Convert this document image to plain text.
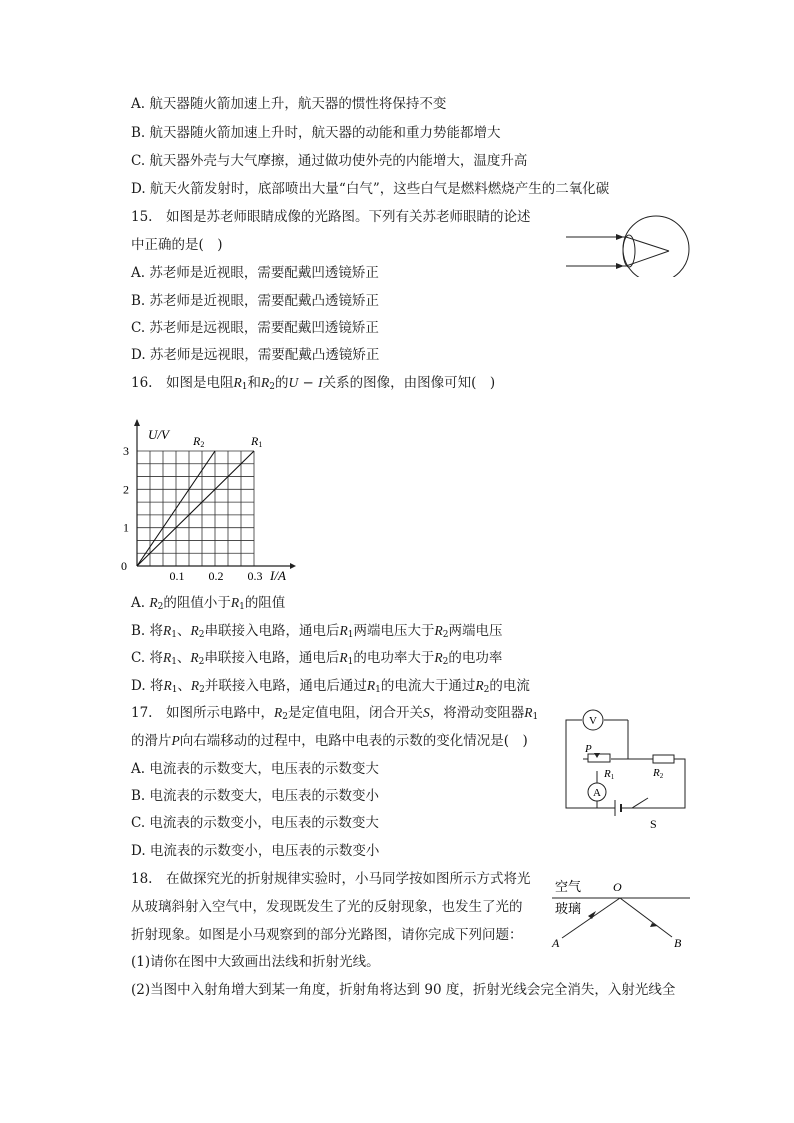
A. 航天器随火箭加速上升，航天器的惯性将保持不变
B. 航天器随火箭加速上升时，航天器的动能和重力势能都增大
C. 航天器外壳与大气摩擦，通过做功使外壳的内能增大，温度升高
D. 航天火箭发射时，底部喷出大量“白气”，这些白气是燃料燃烧产生的二氧化碳
15.　如图是苏老师眼睛成像的光路图。下列有关苏老师眼睛的论述
中正确的是(　)
A. 苏老师是近视眼，需要配戴凹透镜矫正
B. 苏老师是近视眼，需要配戴凸透镜矫正
C. 苏老师是远视眼，需要配戴凹透镜矫正
D. 苏老师是远视眼，需要配戴凸透镜矫正
16.　如图是电阻$R_1$和$R_2$的U − I关系的图像，由图像可知(　)
0.1 0.2 0.3
1
2
3
0
U/V
I/A
R2	R1
A. $R_2$的阻值小于$R_1$的阻值
B. 将$R_1$、$R_2$串联接入电路，通电后$R_1$两端电压大于$R_2$两端电压
C. 将$R_1$、$R_2$串联接入电路，通电后$R_1$的电功率大于$R_2$的电功率
D. 将$R_1$、$R_2$并联接入电路，通电后通过$R_1$的电流大于通过$R_2$的电流
17.　如图所示电路中，$R_2$是定值电阻，闭合开关S，将滑动变阻器$R_1$
的滑片P向右端移动的过程中，电路中电表的示数的变化情况是(　)
A. 电流表的示数变大，电压表的示数变大
B. 电流表的示数变大，电压表的示数变小
C. 电流表的示数变小，电压表的示数变大
D. 电流表的示数变小，电压表的示数变小
V
P
R1	R2
A
S
18.　在做探究光的折射规律实验时，小马同学按如图所示方式将光
从玻璃斜射入空气中，发现既发生了光的反射现象，也发生了光的
折射现象。如图是小马观察到的部分光路图，请你完成下列问题：
(1)请你在图中大致画出法线和折射光线。
(2)当图中入射角增大到某一角度，折射角将达到 90 度，折射光线会完全消失，入射光线全
空气
玻璃
O
A	B
